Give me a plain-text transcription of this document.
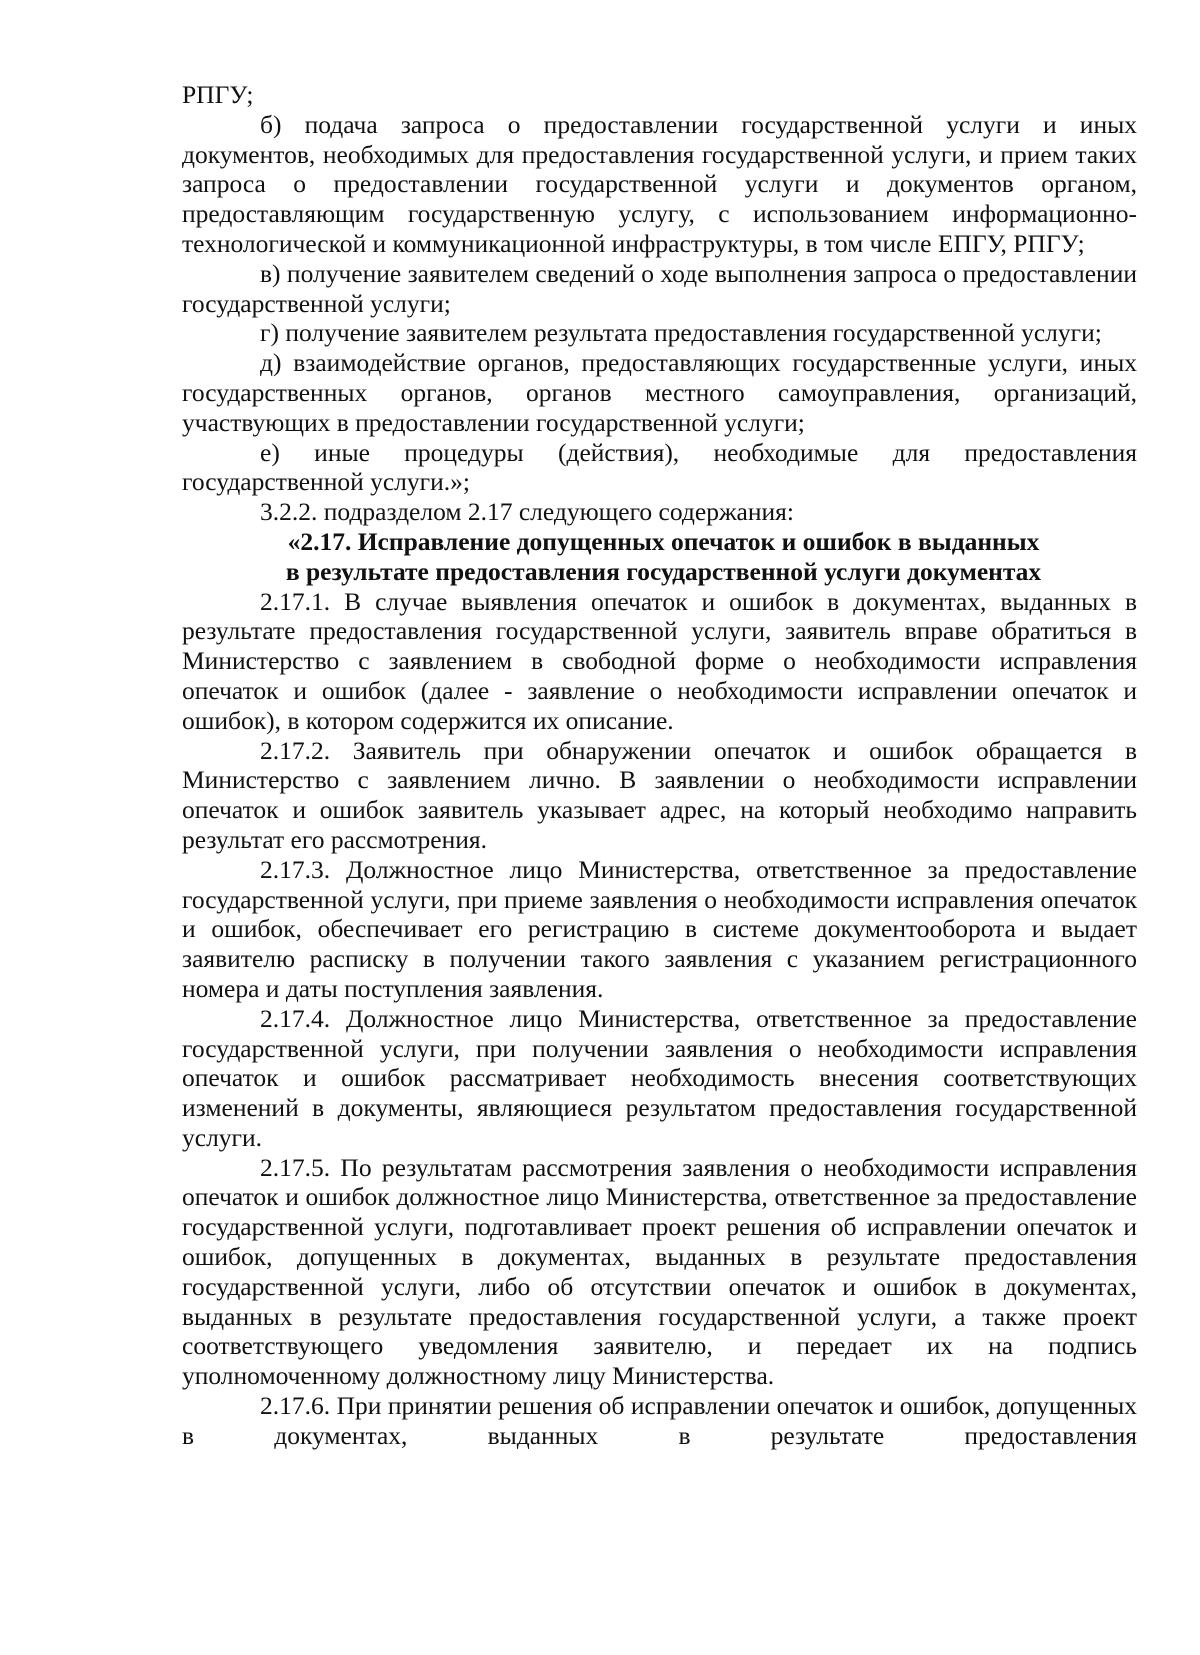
РПГУ;

б) подача запроса о предоставлении государственной услуги и иных документов, необходимых для предоставления государственной услуги, и прием таких запроса о предоставлении государственной услуги и документов органом, предоставляющим государственную услугу, с использованием информационно-технологической и коммуникационной инфраструктуры, в том числе ЕПГУ, РПГУ;

в) получение заявителем сведений о ходе выполнения запроса о предоставлении государственной услуги;

г) получение заявителем результата предоставления государственной услуги;

д) взаимодействие органов, предоставляющих государственные услуги, иных государственных органов, органов местного самоуправления, организаций, участвующих в предоставлении государственной услуги;

е) иные процедуры (действия), необходимые для предоставления государственной услуги.»;

3.2.2. подразделом 2.17 следующего содержания:

«2.17. Исправление допущенных опечаток и ошибок в выданных

в результате предоставления государственной услуги документах

2.17.1. В случае выявления опечаток и ошибок в документах, выданных в результате предоставления государственной услуги, заявитель вправе обратиться в Министерство с заявлением в свободной форме о необходимости исправления опечаток и ошибок (далее - заявление о необходимости исправлении опечаток и ошибок), в котором содержится их описание.

2.17.2. Заявитель при обнаружении опечаток и ошибок обращается в Министерство с заявлением лично. В заявлении о необходимости исправлении опечаток и ошибок заявитель указывает адрес, на который необходимо направить результат его рассмотрения.

2.17.3. Должностное лицо Министерства, ответственное за предоставление государственной услуги, при приеме заявления о необходимости исправления опечаток и ошибок, обеспечивает его регистрацию в системе документооборота и выдает заявителю расписку в получении такого заявления с указанием регистрационного номера и даты поступления заявления.

2.17.4. Должностное лицо Министерства, ответственное за предоставление государственной услуги, при получении заявления о необходимости исправления опечаток и ошибок рассматривает необходимость внесения соответствующих изменений в документы, являющиеся результатом предоставления государственной услуги.

2.17.5. По результатам рассмотрения заявления о необходимости исправления опечаток и ошибок должностное лицо Министерства, ответственное за предоставление государственной услуги, подготавливает проект решения об исправлении опечаток и ошибок, допущенных в документах, выданных в результате предоставления государственной услуги, либо об отсутствии опечаток и ошибок в документах, выданных в результате предоставления государственной услуги, а также проект соответствующего уведомления заявителю, и передает их на подпись уполномоченному должностному лицу Министерства.

2.17.6. При принятии решения об исправлении опечаток и ошибок, допущенных в документах, выданных в результате предоставления
